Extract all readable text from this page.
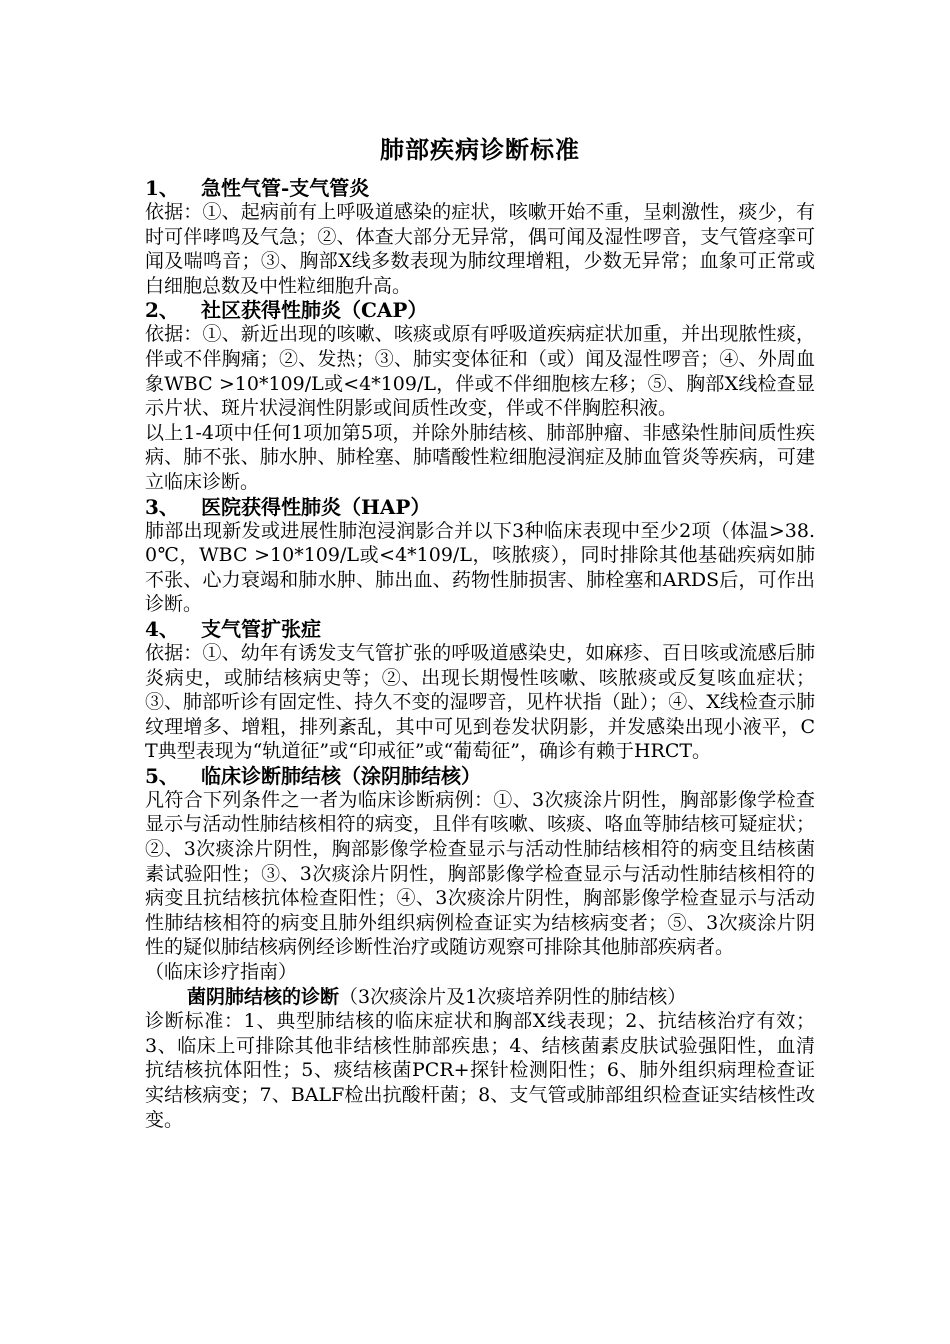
肺部疾病诊断标准

1、 急性气管-支气管炎

依据：①、起病前有上呼吸道感染的症状，咳嗽开始不重，呈刺激性，痰少，有时可伴哮鸣及气急；②、体查大部分无异常，偶可闻及湿性啰音，支气管痉挛可闻及喘鸣音；③、胸部X线多数表现为肺纹理增粗，少数无异常；血象可正常或白细胞总数及中性粒细胞升高。

2、 社区获得性肺炎（CAP）

依据：①、新近出现的咳嗽、咳痰或原有呼吸道疾病症状加重，并出现脓性痰，伴或不伴胸痛；②、发热；③、肺实变体征和（或）闻及湿性啰音；④、外周血象WBC >10*109/L或<4*109/L，伴或不伴细胞核左移；⑤、胸部X线检查显示片状、斑片状浸润性阴影或间质性改变，伴或不伴胸腔积液。

以上1-4项中任何1项加第5项，并除外肺结核、肺部肿瘤、非感染性肺间质性疾病、肺不张、肺水肿、肺栓塞、肺嗜酸性粒细胞浸润症及肺血管炎等疾病，可建立临床诊断。

3、 医院获得性肺炎（HAP）

肺部出现新发或进展性肺泡浸润影合并以下3种临床表现中至少2项（体温>38.0℃，WBC >10*109/L或<4*109/L，咳脓痰），同时排除其他基础疾病如肺不张、心力衰竭和肺水肿、肺出血、药物性肺损害、肺栓塞和ARDS后，可作出诊断。

4、 支气管扩张症

依据：①、幼年有诱发支气管扩张的呼吸道感染史，如麻疹、百日咳或流感后肺炎病史，或肺结核病史等；②、出现长期慢性咳嗽、咳脓痰或反复咳血症状；③、肺部听诊有固定性、持久不变的湿啰音，见杵状指（趾）；④、X线检查示肺纹理增多、增粗，排列紊乱，其中可见到卷发状阴影，并发感染出现小液平，CT典型表现为“轨道征”或“印戒征”或“葡萄征”，确诊有赖于HRCT。

5、 临床诊断肺结核（涂阴肺结核）

凡符合下列条件之一者为临床诊断病例：①、3次痰涂片阴性，胸部影像学检查显示与活动性肺结核相符的病变，且伴有咳嗽、咳痰、咯血等肺结核可疑症状；②、3次痰涂片阴性，胸部影像学检查显示与活动性肺结核相符的病变且结核菌素试验阳性；③、3次痰涂片阴性，胸部影像学检查显示与活动性肺结核相符的病变且抗结核抗体检查阳性；④、3次痰涂片阴性，胸部影像学检查显示与活动性肺结核相符的病变且肺外组织病例检查证实为结核病变者；⑤、3次痰涂片阴性的疑似肺结核病例经诊断性治疗或随访观察可排除其他肺部疾病者。

（临床诊疗指南）

菌阴肺结核的诊断（3次痰涂片及1次痰培养阴性的肺结核）

诊断标准：1、典型肺结核的临床症状和胸部X线表现；2、抗结核治疗有效；3、临床上可排除其他非结核性肺部疾患；4、结核菌素皮肤试验强阳性，血清抗结核抗体阳性；5、痰结核菌PCR+探针检测阳性；6、肺外组织病理检查证实结核病变；7、BALF检出抗酸杆菌；8、支气管或肺部组织检查证实结核性改变。
